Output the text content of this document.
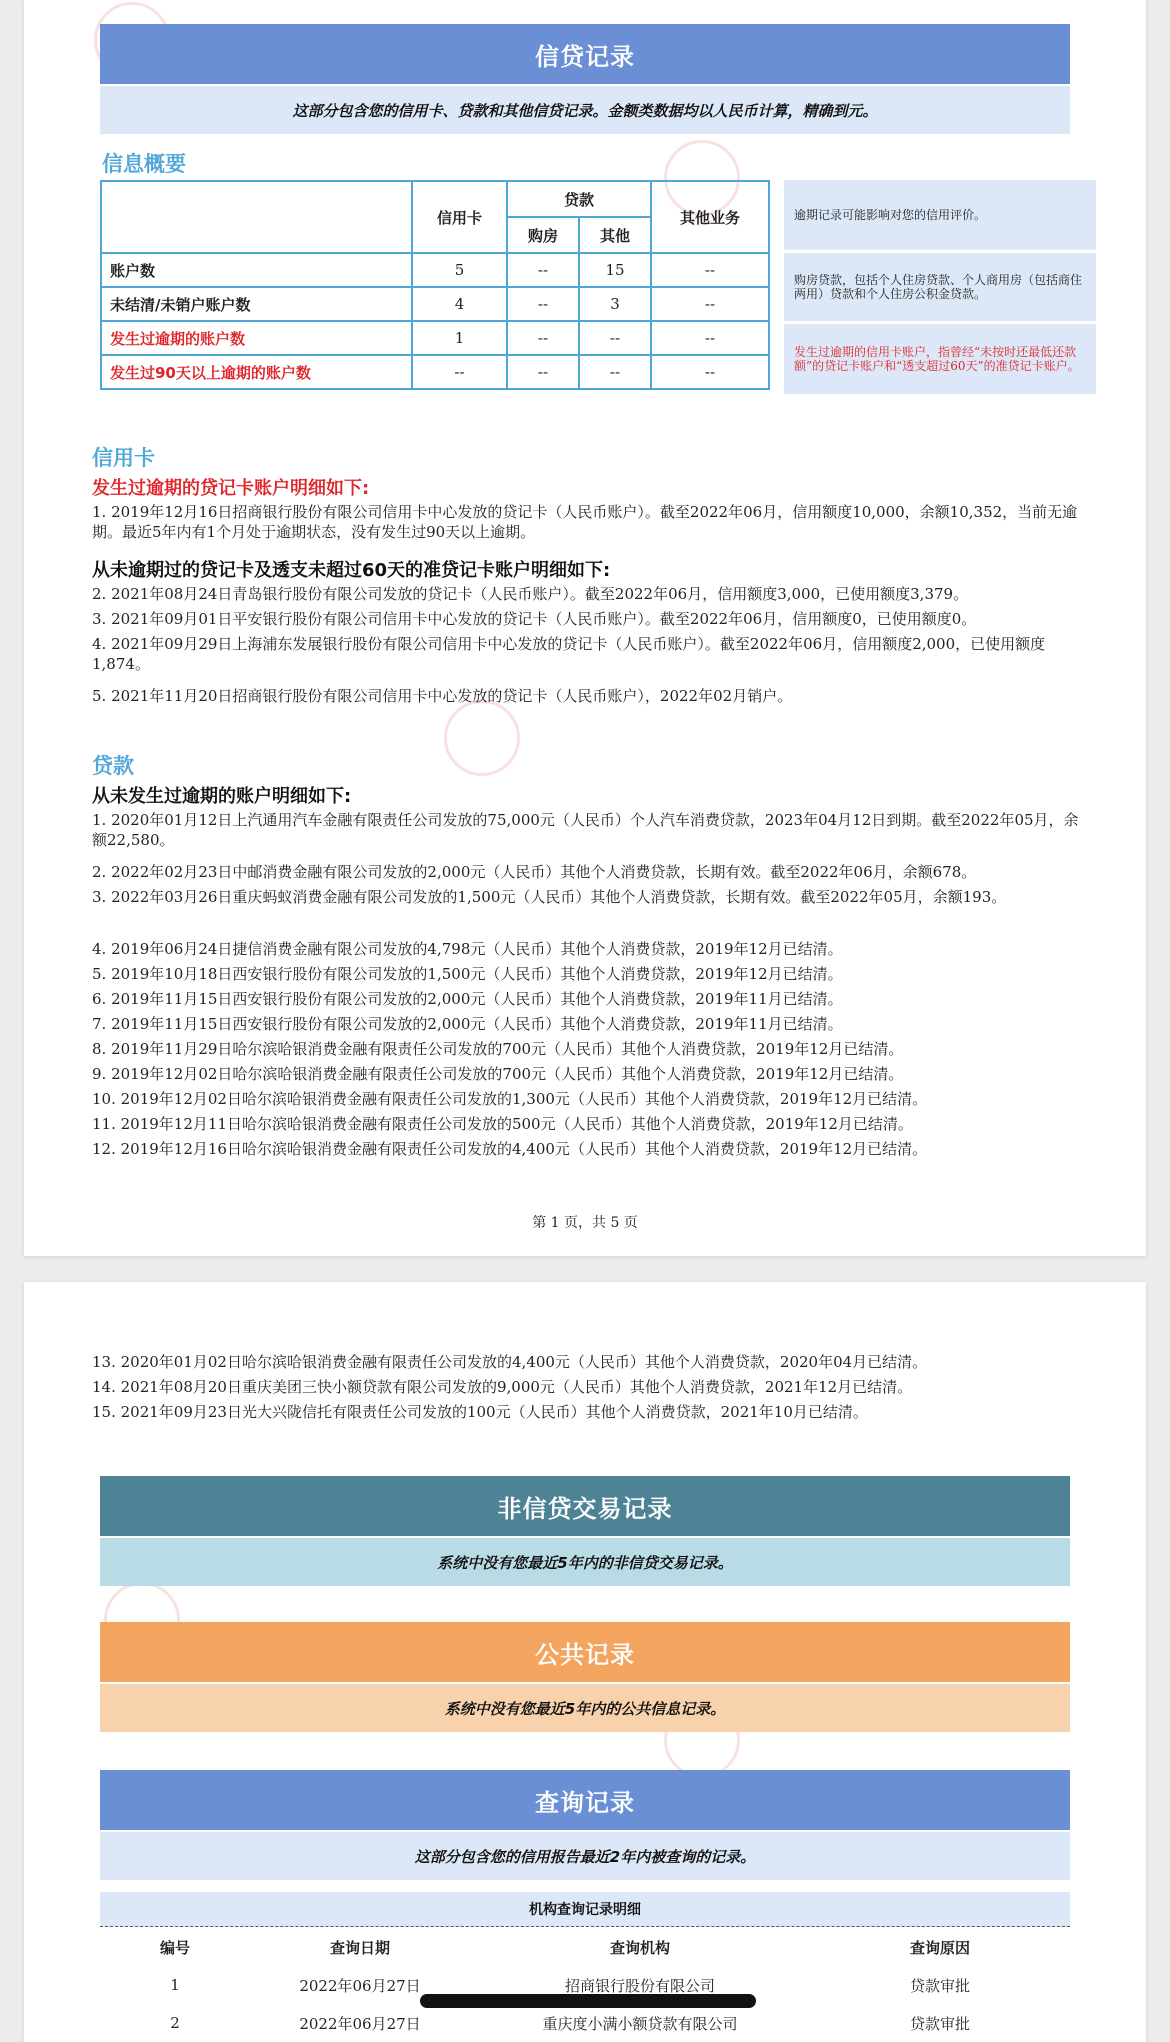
信贷记录
这部分包含您的信用卡、贷款和其他信贷记录。金额类数据均以人民币计算，精确到元。
信息概要
	信用卡	贷款		其他业务
		购房	其他	
账户数	5	--	15	--
未结清/未销户账户数	4	--	3	--
发生过逾期的账户数	1	--	--	--
发生过90天以上逾期的账户数	--	--	--	--
逾期记录可能影响对您的信用评价。
购房贷款，包括个人住房贷款、个人商用房（包括商住两用）贷款和个人住房公积金贷款。
发生过逾期的信用卡账户，指曾经“未按时还最低还款额”的贷记卡账户和“透支超过60天”的准贷记卡账户。
信用卡
发生过逾期的贷记卡账户明细如下:
1. 2019年12月16日招商银行股份有限公司信用卡中心发放的贷记卡（人民币账户）。截至2022年06月，信用额度10,000，余额10,352，当前无逾期。最近5年内有1个月处于逾期状态，没有发生过90天以上逾期。
从未逾期过的贷记卡及透支未超过60天的准贷记卡账户明细如下:
2. 2021年08月24日青岛银行股份有限公司发放的贷记卡（人民币账户）。截至2022年06月，信用额度3,000，已使用额度3,379。
3. 2021年09月01日平安银行股份有限公司信用卡中心发放的贷记卡（人民币账户）。截至2022年06月，信用额度0，已使用额度0。
4. 2021年09月29日上海浦东发展银行股份有限公司信用卡中心发放的贷记卡（人民币账户）。截至2022年06月，信用额度2,000，已使用额度1,874。
5. 2021年11月20日招商银行股份有限公司信用卡中心发放的贷记卡（人民币账户），2022年02月销户。
贷款
从未发生过逾期的账户明细如下:
1. 2020年01月12日上汽通用汽车金融有限责任公司发放的75,000元（人民币）个人汽车消费贷款，2023年04月12日到期。截至2022年05月，余额22,580。
2. 2022年02月23日中邮消费金融有限公司发放的2,000元（人民币）其他个人消费贷款，长期有效。截至2022年06月，余额678。
3. 2022年03月26日重庆蚂蚁消费金融有限公司发放的1,500元（人民币）其他个人消费贷款，长期有效。截至2022年05月，余额193。
4. 2019年06月24日捷信消费金融有限公司发放的4,798元（人民币）其他个人消费贷款，2019年12月已结清。
5. 2019年10月18日西安银行股份有限公司发放的1,500元（人民币）其他个人消费贷款，2019年12月已结清。
6. 2019年11月15日西安银行股份有限公司发放的2,000元（人民币）其他个人消费贷款，2019年11月已结清。
7. 2019年11月15日西安银行股份有限公司发放的2,000元（人民币）其他个人消费贷款，2019年11月已结清。
8. 2019年11月29日哈尔滨哈银消费金融有限责任公司发放的700元（人民币）其他个人消费贷款，2019年12月已结清。
9. 2019年12月02日哈尔滨哈银消费金融有限责任公司发放的700元（人民币）其他个人消费贷款，2019年12月已结清。
10. 2019年12月02日哈尔滨哈银消费金融有限责任公司发放的1,300元（人民币）其他个人消费贷款，2019年12月已结清。
11. 2019年12月11日哈尔滨哈银消费金融有限责任公司发放的500元（人民币）其他个人消费贷款，2019年12月已结清。
12. 2019年12月16日哈尔滨哈银消费金融有限责任公司发放的4,400元（人民币）其他个人消费贷款，2019年12月已结清。
第 1 页，共 5 页
13. 2020年01月02日哈尔滨哈银消费金融有限责任公司发放的4,400元（人民币）其他个人消费贷款，2020年04月已结清。
14. 2021年08月20日重庆美团三快小额贷款有限公司发放的9,000元（人民币）其他个人消费贷款，2021年12月已结清。
15. 2021年09月23日光大兴陇信托有限责任公司发放的100元（人民币）其他个人消费贷款，2021年10月已结清。
非信贷交易记录
系统中没有您最近5年内的非信贷交易记录。
公共记录
系统中没有您最近5年内的公共信息记录。
查询记录
这部分包含您的信用报告最近2年内被查询的记录。
机构查询记录明细
编号	查询日期	查询机构	查询原因
1	2022年06月27日	招商银行股份有限公司	贷款审批
2	2022年06月27日	重庆度小满小额贷款有限公司	贷款审批
